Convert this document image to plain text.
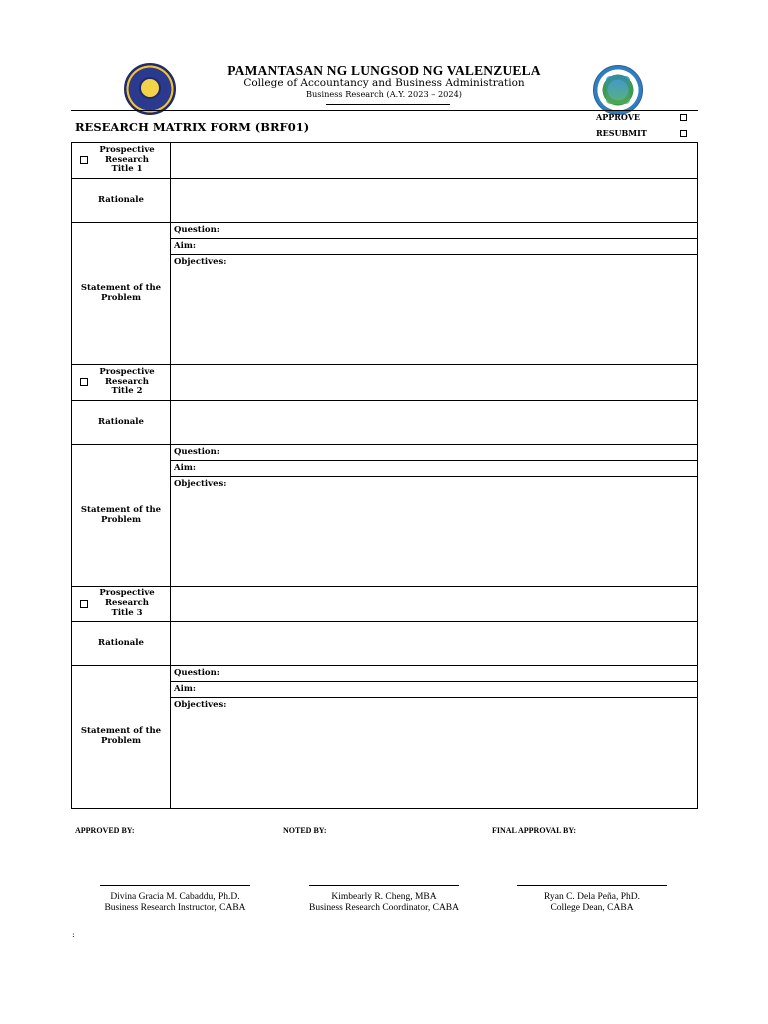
PAMANTASAN NG LUNGSOD NG VALENZUELA
College of Accountancy and Business Administration
Business Research (A.Y. 2023 – 2024)
RESEARCH MATRIX FORM (BRF01)
APPROVE
RESUBMIT
Prospective Research Title 1
Rationale
Statement of the Problem
Question:
Aim:
Objectives:
Prospective Research Title 2
Rationale
Statement of the Problem
Question:
Aim:
Objectives:
Prospective Research Title 3
Rationale
Statement of the Problem
Question:
Aim:
Objectives:
APPROVED BY:	NOTED BY:	FINAL APPROVAL BY:
Divina Gracia M. Cabaddu, Ph.D.
Business Research Instructor, CABA
Kimbearly R. Cheng, MBA
Business Research Coordinator, CABA
Ryan C. Dela Peña, PhD.
College Dean, CABA
:
